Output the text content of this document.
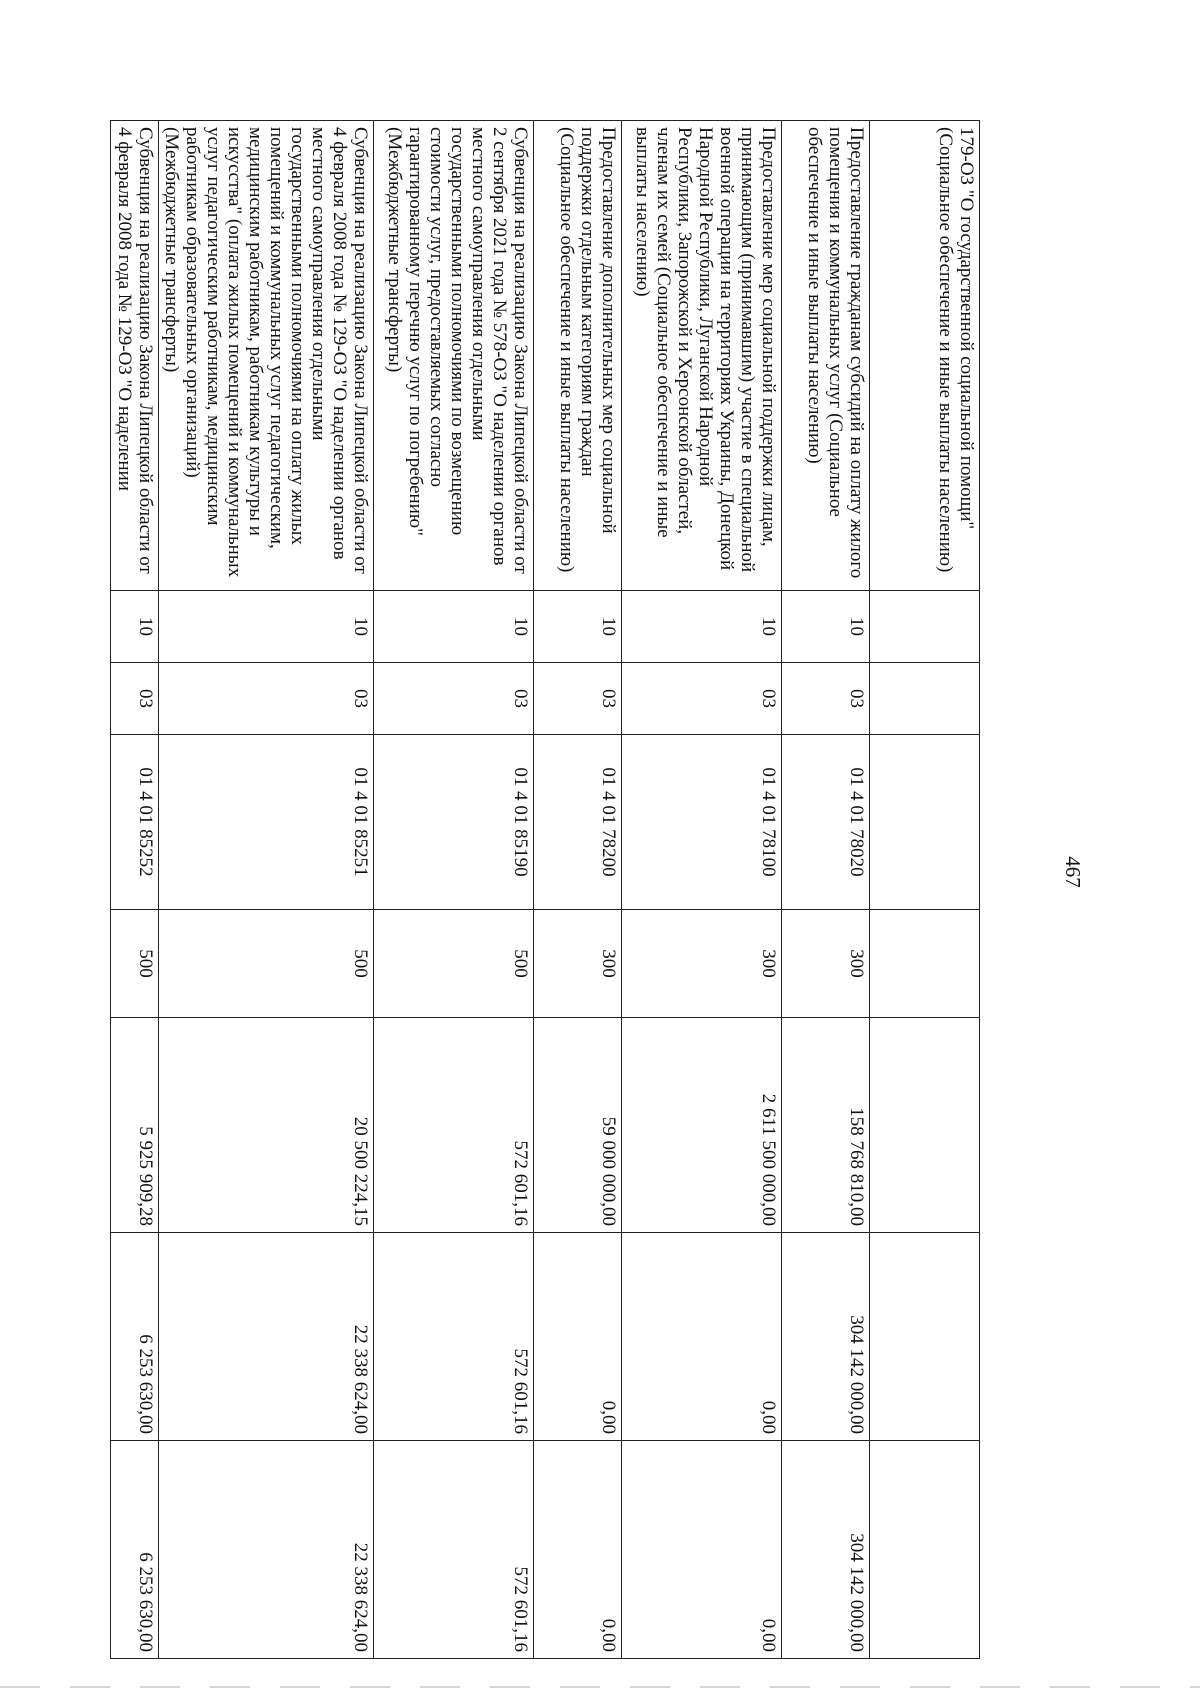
467
179-ОЗ "О государственной социальной помощи" (Социальное обеспечение и иные выплаты населению)							
Предоставление гражданам субсидий на оплату жилого помещения и коммунальных услуг (Социальное обеспечение и иные выплаты населению)	10	03	01 4 01 78020	300	158 768 810,00	304 142 000,00	304 142 000,00
Предоставление мер социальной поддержки лицам, принимающим (принимавшим) участие в специальной военной операции на территориях Украины, Донецкой Народной Республики, Луганской Народной Республики, Запорожской и Херсонской областей, членам их семей (Социальное обеспечение и иные выплаты населению)	10	03	01 4 01 78100	300	2 611 500 000,00	0,00	0,00
Предоставление дополнительных мер социальной поддержки отдельным категориям граждан (Социальное обеспечение и иные выплаты населению)	10	03	01 4 01 78200	300	59 000 000,00	0,00	0,00
Субвенция на реализацию Закона Липецкой области от 2 сентября 2021 года № 578-ОЗ "О наделении органов местного самоуправления отдельными государственными полномочиями по возмещению стоимости услуг, предоставляемых согласно гарантированному перечню услуг по погребению" (Межбюджетные трансферты)	10	03	01 4 01 85190	500	572 601,16	572 601,16	572 601,16
Субвенция на реализацию Закона Липецкой области от 4 февраля 2008 года № 129-ОЗ "О наделении органов местного самоуправления отдельными государственными полномочиями на оплату жилых помещений и коммунальных услуг педагогическим, медицинским работникам, работникам культуры и искусства" (оплата жилых помещений и коммунальных услуг педагогическим работникам, медицинским работникам образовательных организаций) (Межбюджетные трансферты)	10	03	01 4 01 85251	500	20 500 224,15	22 338 624,00	22 338 624,00
Субвенция на реализацию Закона Липецкой области от 4 февраля 2008 года № 129-ОЗ "О наделении	10	03	01 4 01 85252	500	5 925 909,28	6 253 630,00	6 253 630,00
